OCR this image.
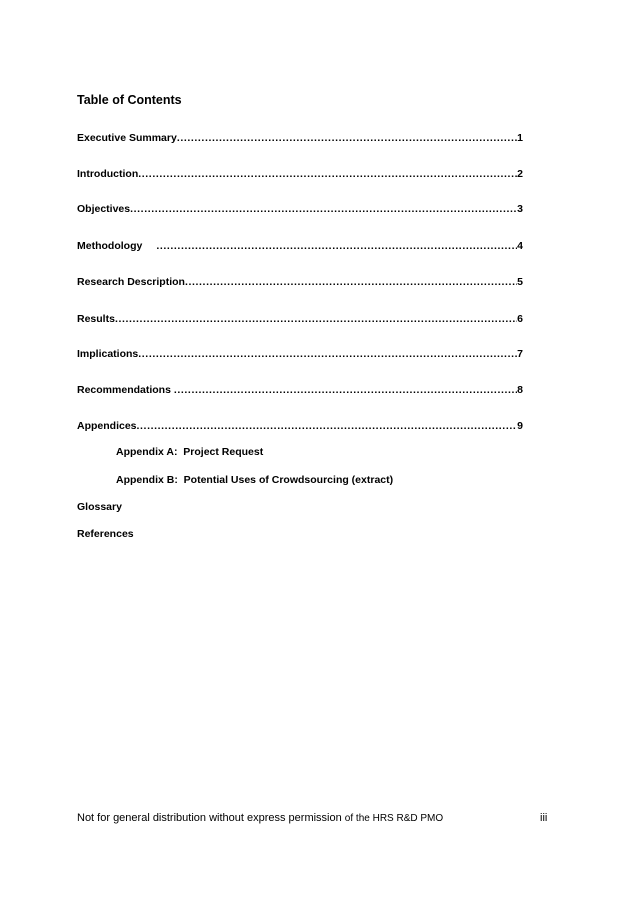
Table of Contents
Executive Summary .....	1
Introduction .....	2
Objectives .....	3
Methodology .....	4
Research Description .....	5
Results .....	6
Implications .....	7
Recommendations .....	8
Appendices .....	9
Appendix A:  Project Request
Appendix B:  Potential Uses of Crowdsourcing (extract)
Glossary
References
Not for general distribution without express permission of the HRS R&D PMO	iii
